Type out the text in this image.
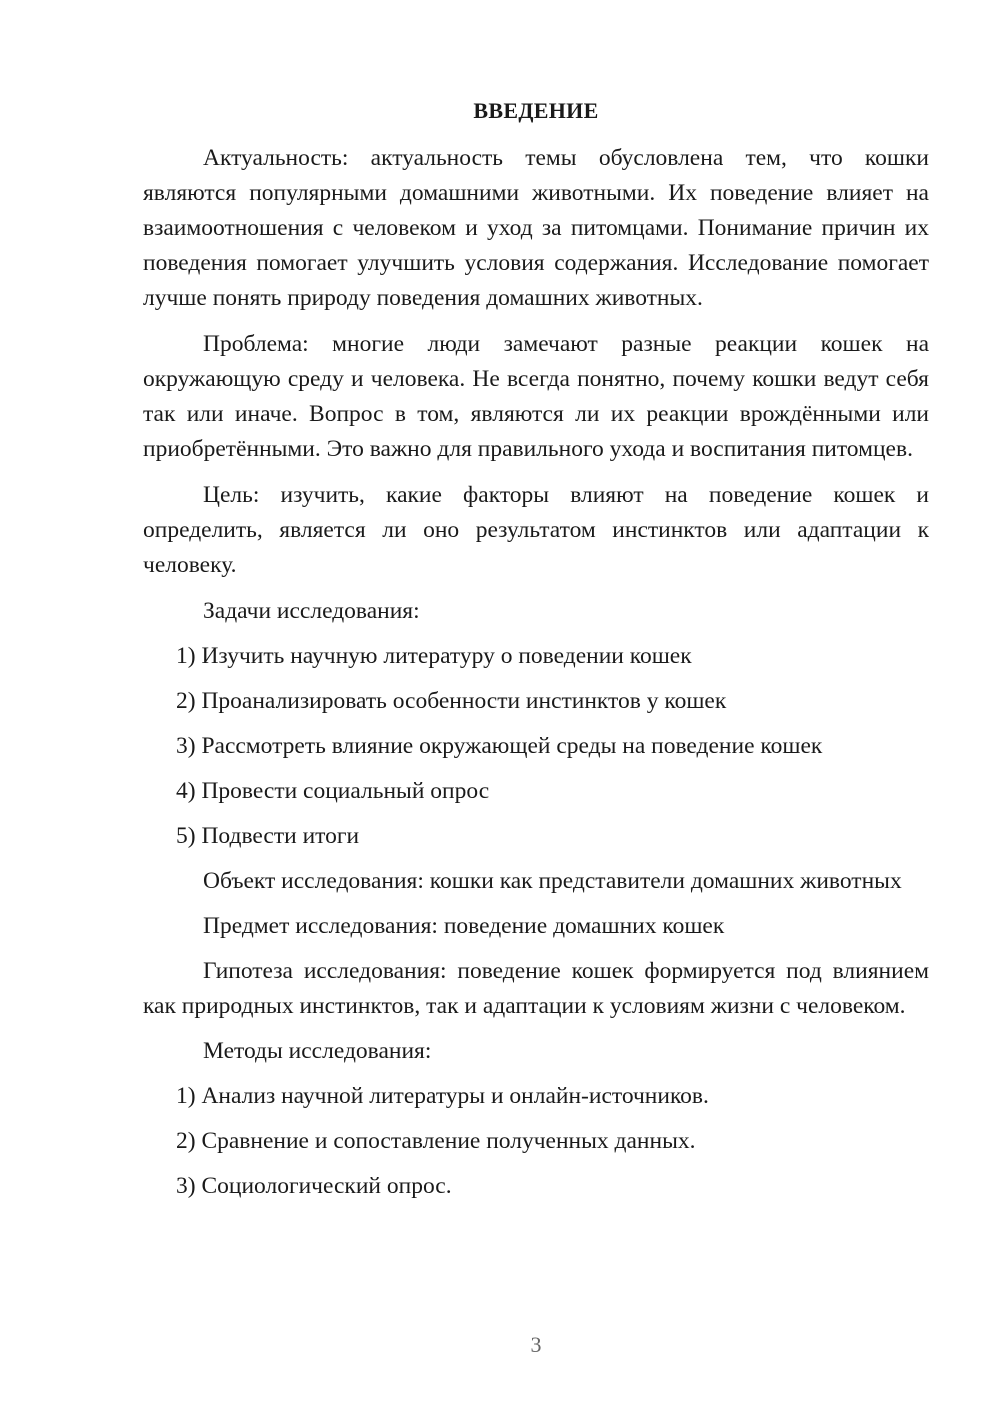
ВВЕДЕНИЕ

Актуальность: актуальность темы обусловлена тем, что кошки являются популярными домашними животными. Их поведение влияет на взаимоотношения с человеком и уход за питомцами. Понимание причин их поведения помогает улучшить условия содержания. Исследование помогает лучше понять природу поведения домашних животных.

Проблема: многие люди замечают разные реакции кошек на окружающую среду и человека. Не всегда понятно, почему кошки ведут себя так или иначе. Вопрос в том, являются ли их реакции врождёнными или приобретёнными. Это важно для правильного ухода и воспитания питомцев.

Цель: изучить, какие факторы влияют на поведение кошек и определить, является ли оно результатом инстинктов или адаптации к человеку.

Задачи исследования:

1) Изучить научную литературу о поведении кошек
2) Проанализировать особенности инстинктов у кошек
3) Рассмотреть влияние окружающей среды на поведение кошек
4) Провести социальный опрос
5) Подвести итоги

Объект исследования: кошки как представители домашних животных

Предмет исследования: поведение домашних кошек

Гипотеза исследования: поведение кошек формируется под влиянием как природных инстинктов, так и адаптации к условиям жизни с человеком.

Методы исследования:

1) Анализ научной литературы и онлайн-источников.
2) Сравнение и сопоставление полученных данных.
3) Социологический опрос.
3
